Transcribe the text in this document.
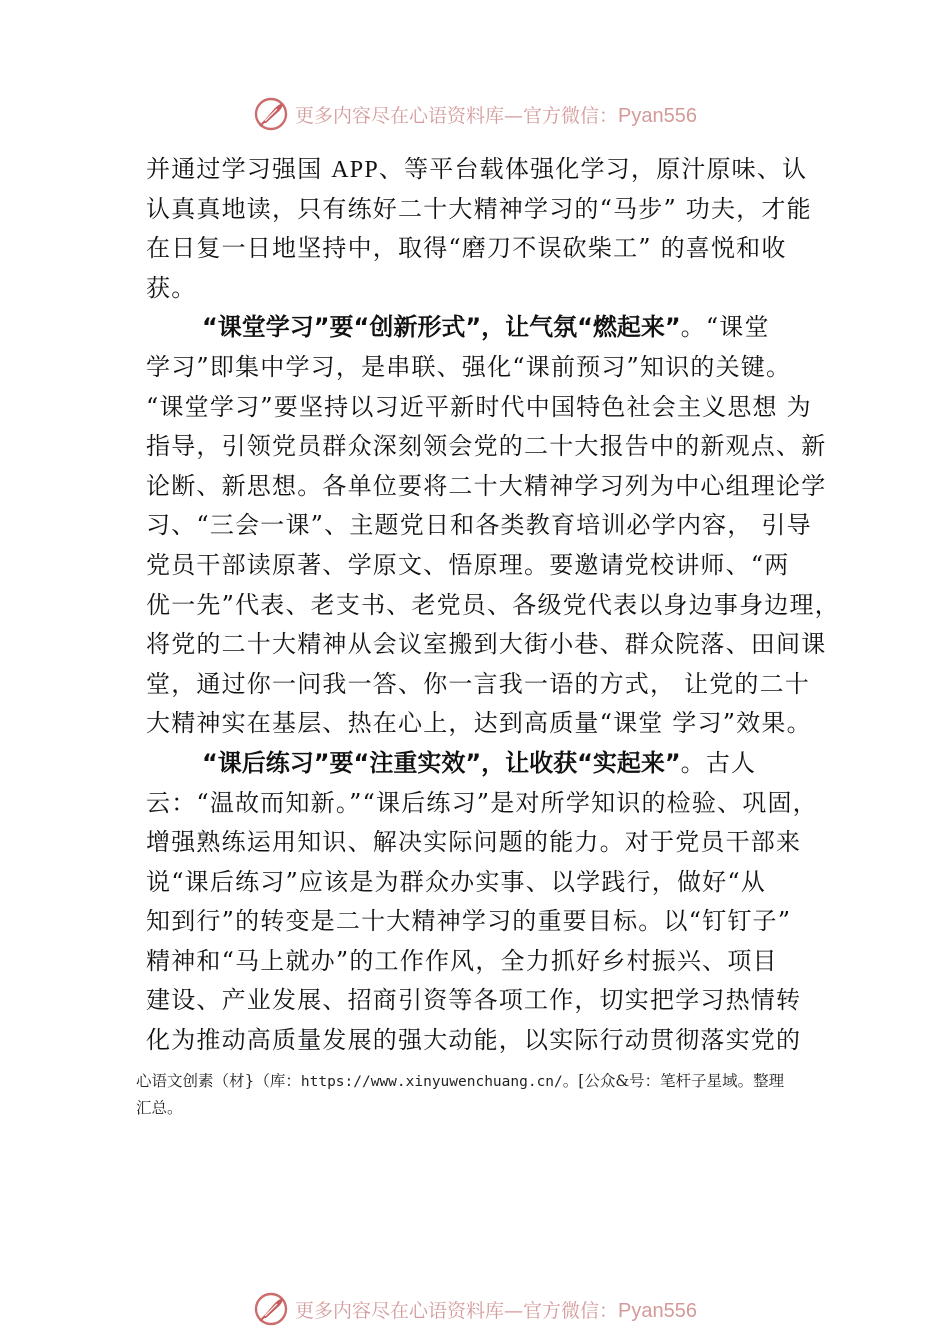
更多内容尽在心语资料库—官方微信：Pyan556
并通过学习强国 APP、等平台载体强化学习，原汁原味、认
认真真地读，只有练好二十大精神学习的“马步” 功夫，才能
在日复一日地坚持中，取得“磨刀不误砍柴工” 的喜悦和收
获。
“课堂学习”要“创新形式”，让气氛“燃起来”。“课堂
学习”即集中学习，是串联、强化“课前预习”知识的关键。
“课堂学习”要坚持以习近平新时代中国特色社会主义思想 为
指导，引领党员群众深刻领会党的二十大报告中的新观点、新
论断、新思想。各单位要将二十大精神学习列为中心组理论学
习、“三会一课”、主题党日和各类教育培训必学内容， 引导
党员干部读原著、学原文、悟原理。要邀请党校讲师、“两
优一先”代表、老支书、老党员、各级党代表以身边事身边理，
将党的二十大精神从会议室搬到大街小巷、群众院落、田间课
堂，通过你一问我一答、你一言我一语的方式， 让党的二十
大精神实在基层、热在心上，达到高质量“课堂 学习”效果。
“课后练习”要“注重实效”，让收获“实起来”。古人
云：“温故而知新。”“课后练习”是对所学知识的检验、巩固，
增强熟练运用知识、解决实际问题的能力。对于党员干部来
说“课后练习”应该是为群众办实事、以学践行，做好“从
知到行”的转变是二十大精神学习的重要目标。以“钉钉子”
精神和“马上就办”的工作作风，全力抓好乡村振兴、项目
建设、产业发展、招商引资等各项工作，切实把学习热情转
化为推动高质量发展的强大动能，以实际行动贯彻落实党的
心语文创素（材}（库：https://www.xinyuwenchuang.cn/。[公众&号：笔杆子星域。整理
汇总。
更多内容尽在心语资料库—官方微信：Pyan556
